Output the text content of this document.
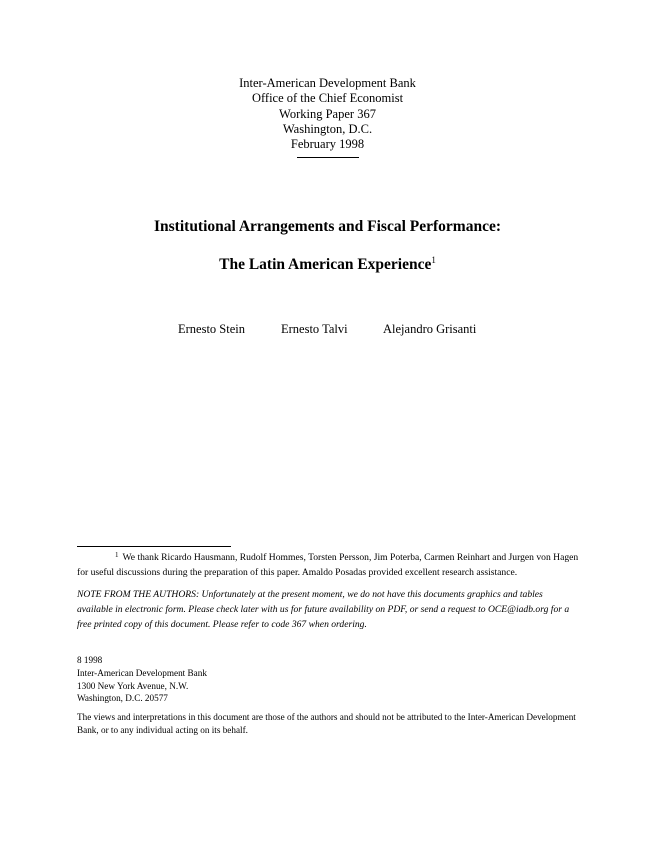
Inter-American Development Bank
Office of the Chief Economist
Working Paper 367
Washington, D.C.
February 1998
Institutional Arrangements and Fiscal Performance:
The Latin American Experience$^1$
Ernesto Stein	Ernesto Talvi	Alejandro Grisanti
$^1$ We thank Ricardo Hausmann, Rudolf Hommes, Torsten Persson, Jim Poterba, Carmen Reinhart and Jurgen von Hagen for useful discussions during the preparation of this paper. Amaldo Posadas provided excellent research assistance.
NOTE FROM THE AUTHORS: Unfortunately at the present moment, we do not have this documents graphics and tables available in electronic form. Please check later with us for future availability on PDF, or send a request to OCE@iadb.org for a free printed copy of this document. Please refer to code 367 when ordering.
8 1998
Inter-American Development Bank
1300 New York Avenue, N.W.
Washington, D.C. 20577
The views and interpretations in this document are those of the authors and should not be attributed to the Inter-American Development Bank, or to any individual acting on its behalf.
